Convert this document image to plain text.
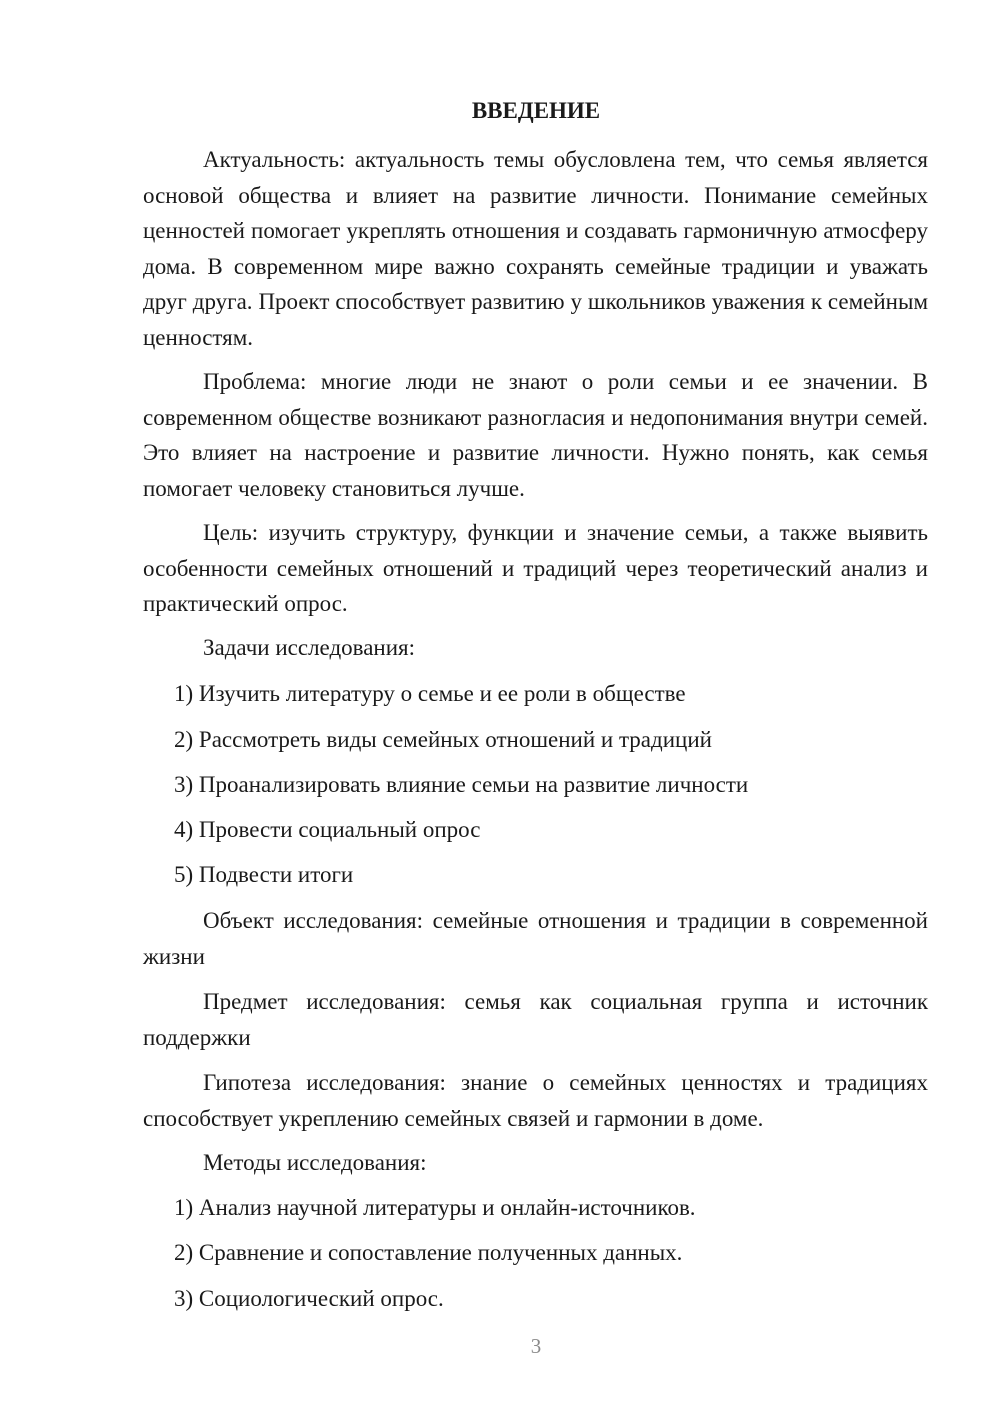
ВВЕДЕНИЕ

Актуальность: актуальность темы обусловлена тем, что семья является основой общества и влияет на развитие личности. Понимание семейных ценностей помогает укреплять отношения и создавать гармоничную атмосферу дома. В современном мире важно сохранять семейные традиции и уважать друг друга. Проект способствует развитию у школьников уважения к семейным ценностям.

Проблема: многие люди не знают о роли семьи и ее значении. В современном обществе возникают разногласия и недопонимания внутри семей. Это влияет на настроение и развитие личности. Нужно понять, как семья помогает человеку становиться лучше.

Цель: изучить структуру, функции и значение семьи, а также выявить особенности семейных отношений и традиций через теоретический анализ и практический опрос.

Задачи исследования:

1) Изучить литературу о семье и ее роли в обществе

2) Рассмотреть виды семейных отношений и традиций

3) Проанализировать влияние семьи на развитие личности

4) Провести социальный опрос

5) Подвести итоги

Объект исследования: семейные отношения и традиции в современной жизни

Предмет исследования: семья как социальная группа и источник поддержки

Гипотеза исследования: знание о семейных ценностях и традициях способствует укреплению семейных связей и гармонии в доме.

Методы исследования:

1) Анализ научной литературы и онлайн-источников.

2) Сравнение и сопоставление полученных данных.

3) Социологический опрос.

3
